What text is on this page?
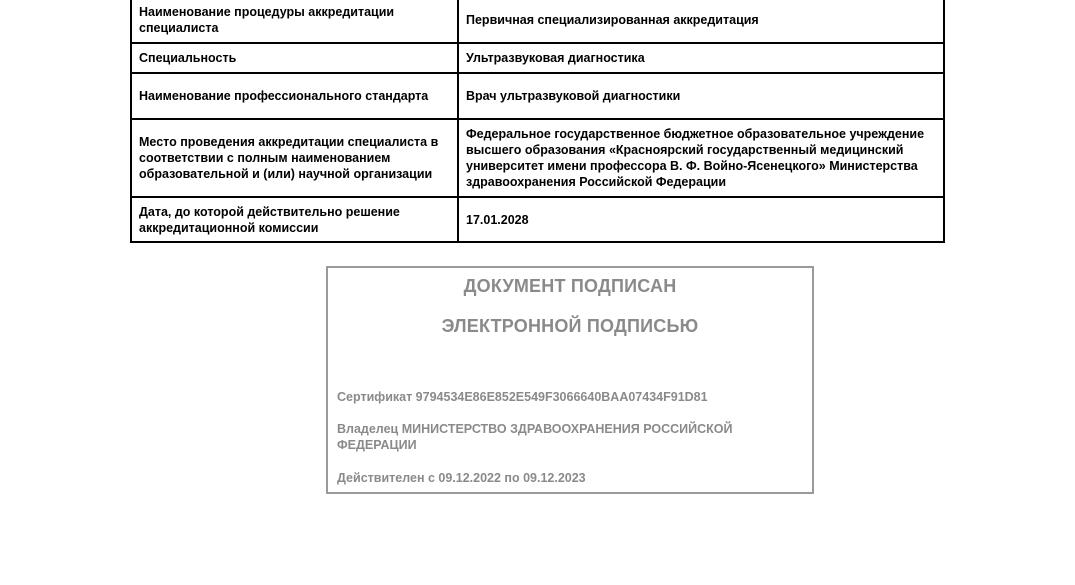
Наименование процедуры аккредитации специалиста	Первичная специализированная аккредитация
Специальность	Ультразвуковая диагностика
Наименование профессионального стандарта	Врач ультразвуковой диагностики
Место проведения аккредитации специалиста в соответствии с полным наименованием образовательной и (или) научной организации	Федеральное государственное бюджетное образовательное учреждение высшего образования «Красноярский государственный медицинский университет имени профессора В. Ф. Войно-Ясенецкого» Министерства здравоохранения Российской Федерации
Дата, до которой действительно решение аккредитационной комиссии	17.01.2028
ДОКУМЕНТ ПОДПИСАН
ЭЛЕКТРОННОЙ ПОДПИСЬЮ
Сертификат 9794534E86E852E549F3066640BAA07434F91D81
Владелец МИНИСТЕРСТВО ЗДРАВООХРАНЕНИЯ РОССИЙСКОЙ ФЕДЕРАЦИИ
Действителен с 09.12.2022 по 09.12.2023
